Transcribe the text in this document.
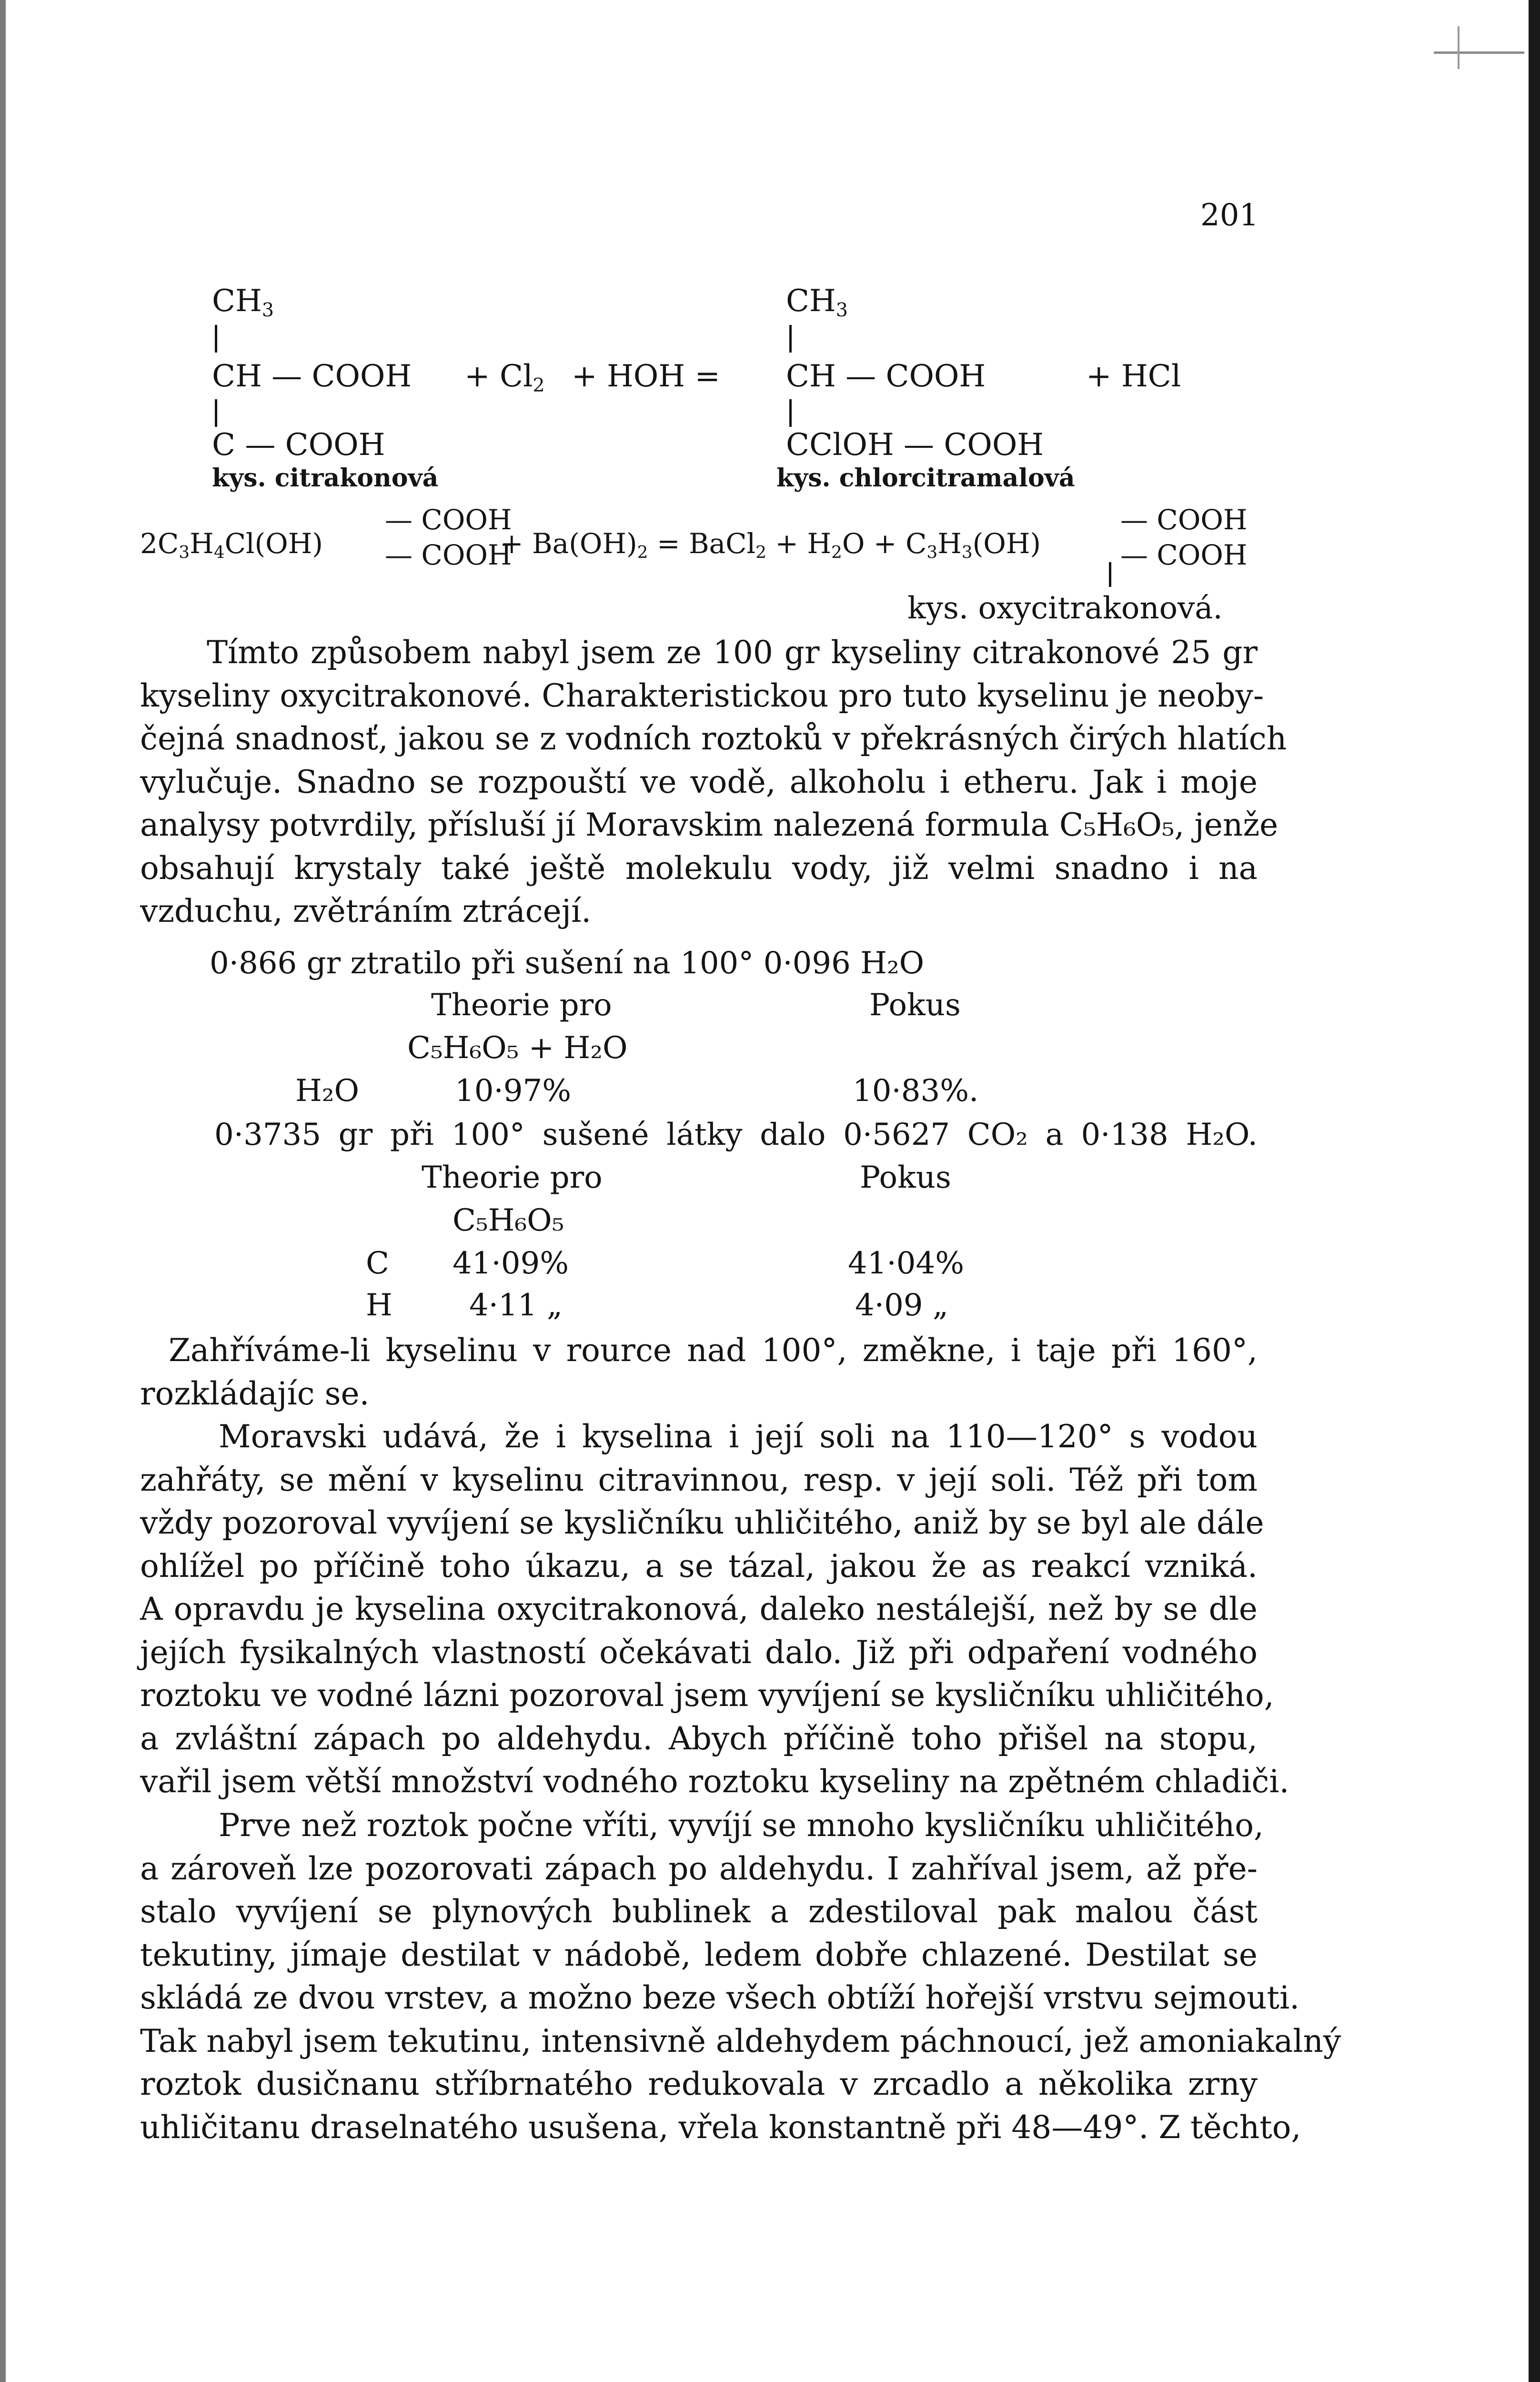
201
$CH_3$
CH — COOH
C — COOH
kys. citrakonová
+ $Cl_2$ + HOH =
$CH_3$
CH — COOH
CClOH — COOH
kys. chlorcitramalová
+ HCl
$2C_3H_4Cl(OH)$
— COOH
— COOH
+ $Ba(OH)_2$ = BaCl$_2$ + $H_2O + C_3H_3(OH)$
— COOH
— COOH
kys. oxycitrakonová.
Tímto způsobem nabyl jsem ze 100 gr kyseliny citrakonové 25 gr
kyseliny oxycitrakonové. Charakteristickou pro tuto kyselinu je neoby-
čejná snadnosť, jakou se z vodních roztoků v překrásných čirých hlatích
vylučuje. Snadno se rozpouští ve vodě, alkoholu i etheru. Jak i moje
analysy potvrdily, přísluší jí Moravskim nalezená formula C₅H₆O₅, jenže
obsahují krystaly také ještě molekulu vody, již velmi snadno i na
vzduchu, zvětráním ztrácejí.
0·866 gr ztratilo při sušení na 100° 0·096 H₂O
Theorie pro	Pokus
C₅H₆O₅ + H₂O
H₂O	10·97%	10·83%.
0·3735 gr při 100° sušené látky dalo 0·5627 CO₂ a 0·138 H₂O.
Theorie pro	Pokus
C₅H₆O₅
C 41·09%	41·04%
H	4·11 „	4·09 „
Zahříváme-li kyselinu v rource nad 100°, změkne, i taje při 160°,
rozkládajíc se.
Moravski udává, že i kyselina i její soli na 110—120° s vodou
zahřáty, se mění v kyselinu citravinnou, resp. v její soli. Též při tom
vždy pozoroval vyvíjení se kysličníku uhličitého, aniž by se byl ale dále
ohlížel po příčině toho úkazu, a se tázal, jakou že as reakcí vzniká.
A opravdu je kyselina oxycitrakonová, daleko nestálejší, než by se dle
jejích fysikalných vlastností očekávati dalo. Již při odpaření vodného
roztoku ve vodné lázni pozoroval jsem vyvíjení se kysličníku uhličitého,
a zvláštní zápach po aldehydu. Abych příčině toho přišel na stopu,
vařil jsem větší množství vodného roztoku kyseliny na zpětném chladiči.
Prve než roztok počne vříti, vyvíjí se mnoho kysličníku uhličitého,
a zároveň lze pozorovati zápach po aldehydu. I zahříval jsem, až pře-
stalo vyvíjení se plynových bublinek a zdestiloval pak malou část
tekutiny, jímaje destilat v nádobě, ledem dobře chlazené. Destilat se
skládá ze dvou vrstev, a možno beze všech obtíží hořejší vrstvu sejmouti.
Tak nabyl jsem tekutinu, intensivně aldehydem páchnoucí, jež amoniakalný
roztok dusičnanu stříbrnatého redukovala v zrcadlo a několika zrny
uhličitanu draselnatého usušena, vřela konstantně při 48—49°. Z těchto,
